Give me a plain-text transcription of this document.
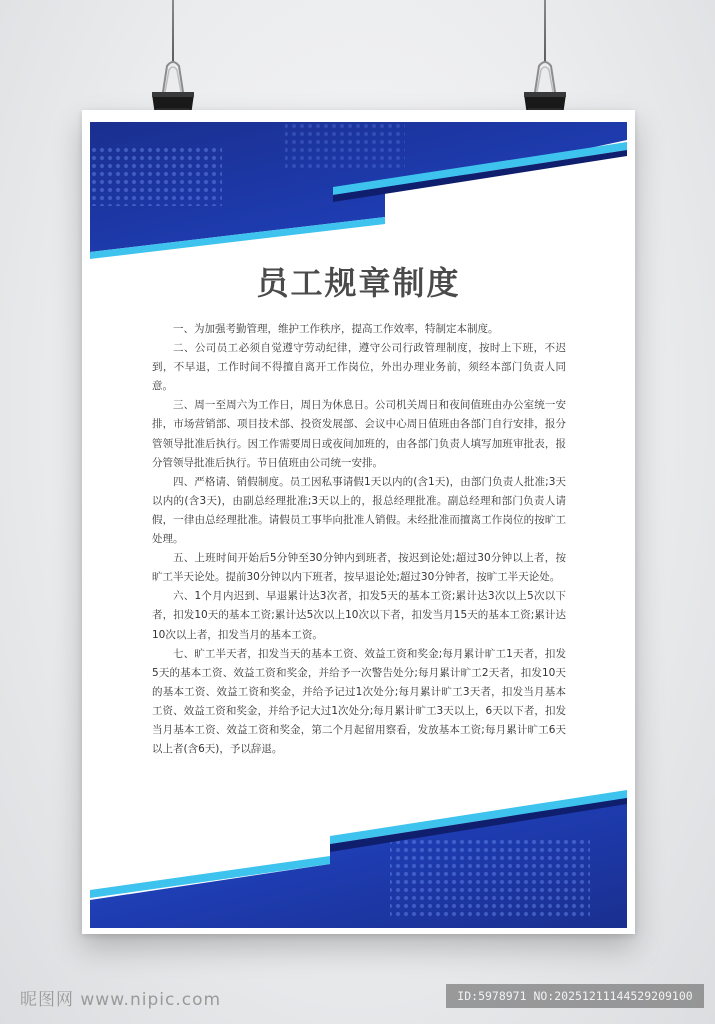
员工规章制度

一、为加强考勤管理，维护工作秩序，提高工作效率，特制定本制度。

二、公司员工必须自觉遵守劳动纪律，遵守公司行政管理制度，按时上下班，不迟到，不早退，工作时间不得擅自离开工作岗位，外出办理业务前，须经本部门负责人同意。

三、周一至周六为工作日，周日为休息日。公司机关周日和夜间值班由办公室统一安排，市场营销部、项目技术部、投资发展部、会议中心周日值班由各部门自行安排，报分管领导批准后执行。因工作需要周日或夜间加班的，由各部门负责人填写加班审批表，报分管领导批准后执行。节日值班由公司统一安排。

四、严格请、销假制度。员工因私事请假1天以内的(含1天)，由部门负责人批准;3天以内的(含3天)，由副总经理批准;3天以上的，报总经理批准。副总经理和部门负责人请假，一律由总经理批准。请假员工事毕向批准人销假。未经批准而擅离工作岗位的按旷工处理。

五、上班时间开始后5分钟至30分钟内到班者，按迟到论处;超过30分钟以上者，按旷工半天论处。提前30分钟以内下班者，按早退论处;超过30分钟者，按旷工半天论处。

六、1个月内迟到、早退累计达3次者，扣发5天的基本工资;累计达3次以上5次以下者，扣发10天的基本工资;累计达5次以上10次以下者，扣发当月15天的基本工资;累计达10次以上者，扣发当月的基本工资。

七、旷工半天者，扣发当天的基本工资、效益工资和奖金;每月累计旷工1天者，扣发5天的基本工资、效益工资和奖金，并给予一次警告处分;每月累计旷工2天者，扣发10天的基本工资、效益工资和奖金，并给予记过1次处分;每月累计旷工3天者，扣发当月基本工资、效益工资和奖金，并给予记大过1次处分;每月累计旷工3天以上，6天以下者，扣发当月基本工资、效益工资和奖金，第二个月起留用察看，发放基本工资;每月累计旷工6天以上者(含6天)，予以辞退。

昵图网 www.nipic.com	ID:5978971 NO:20251211144529209100
